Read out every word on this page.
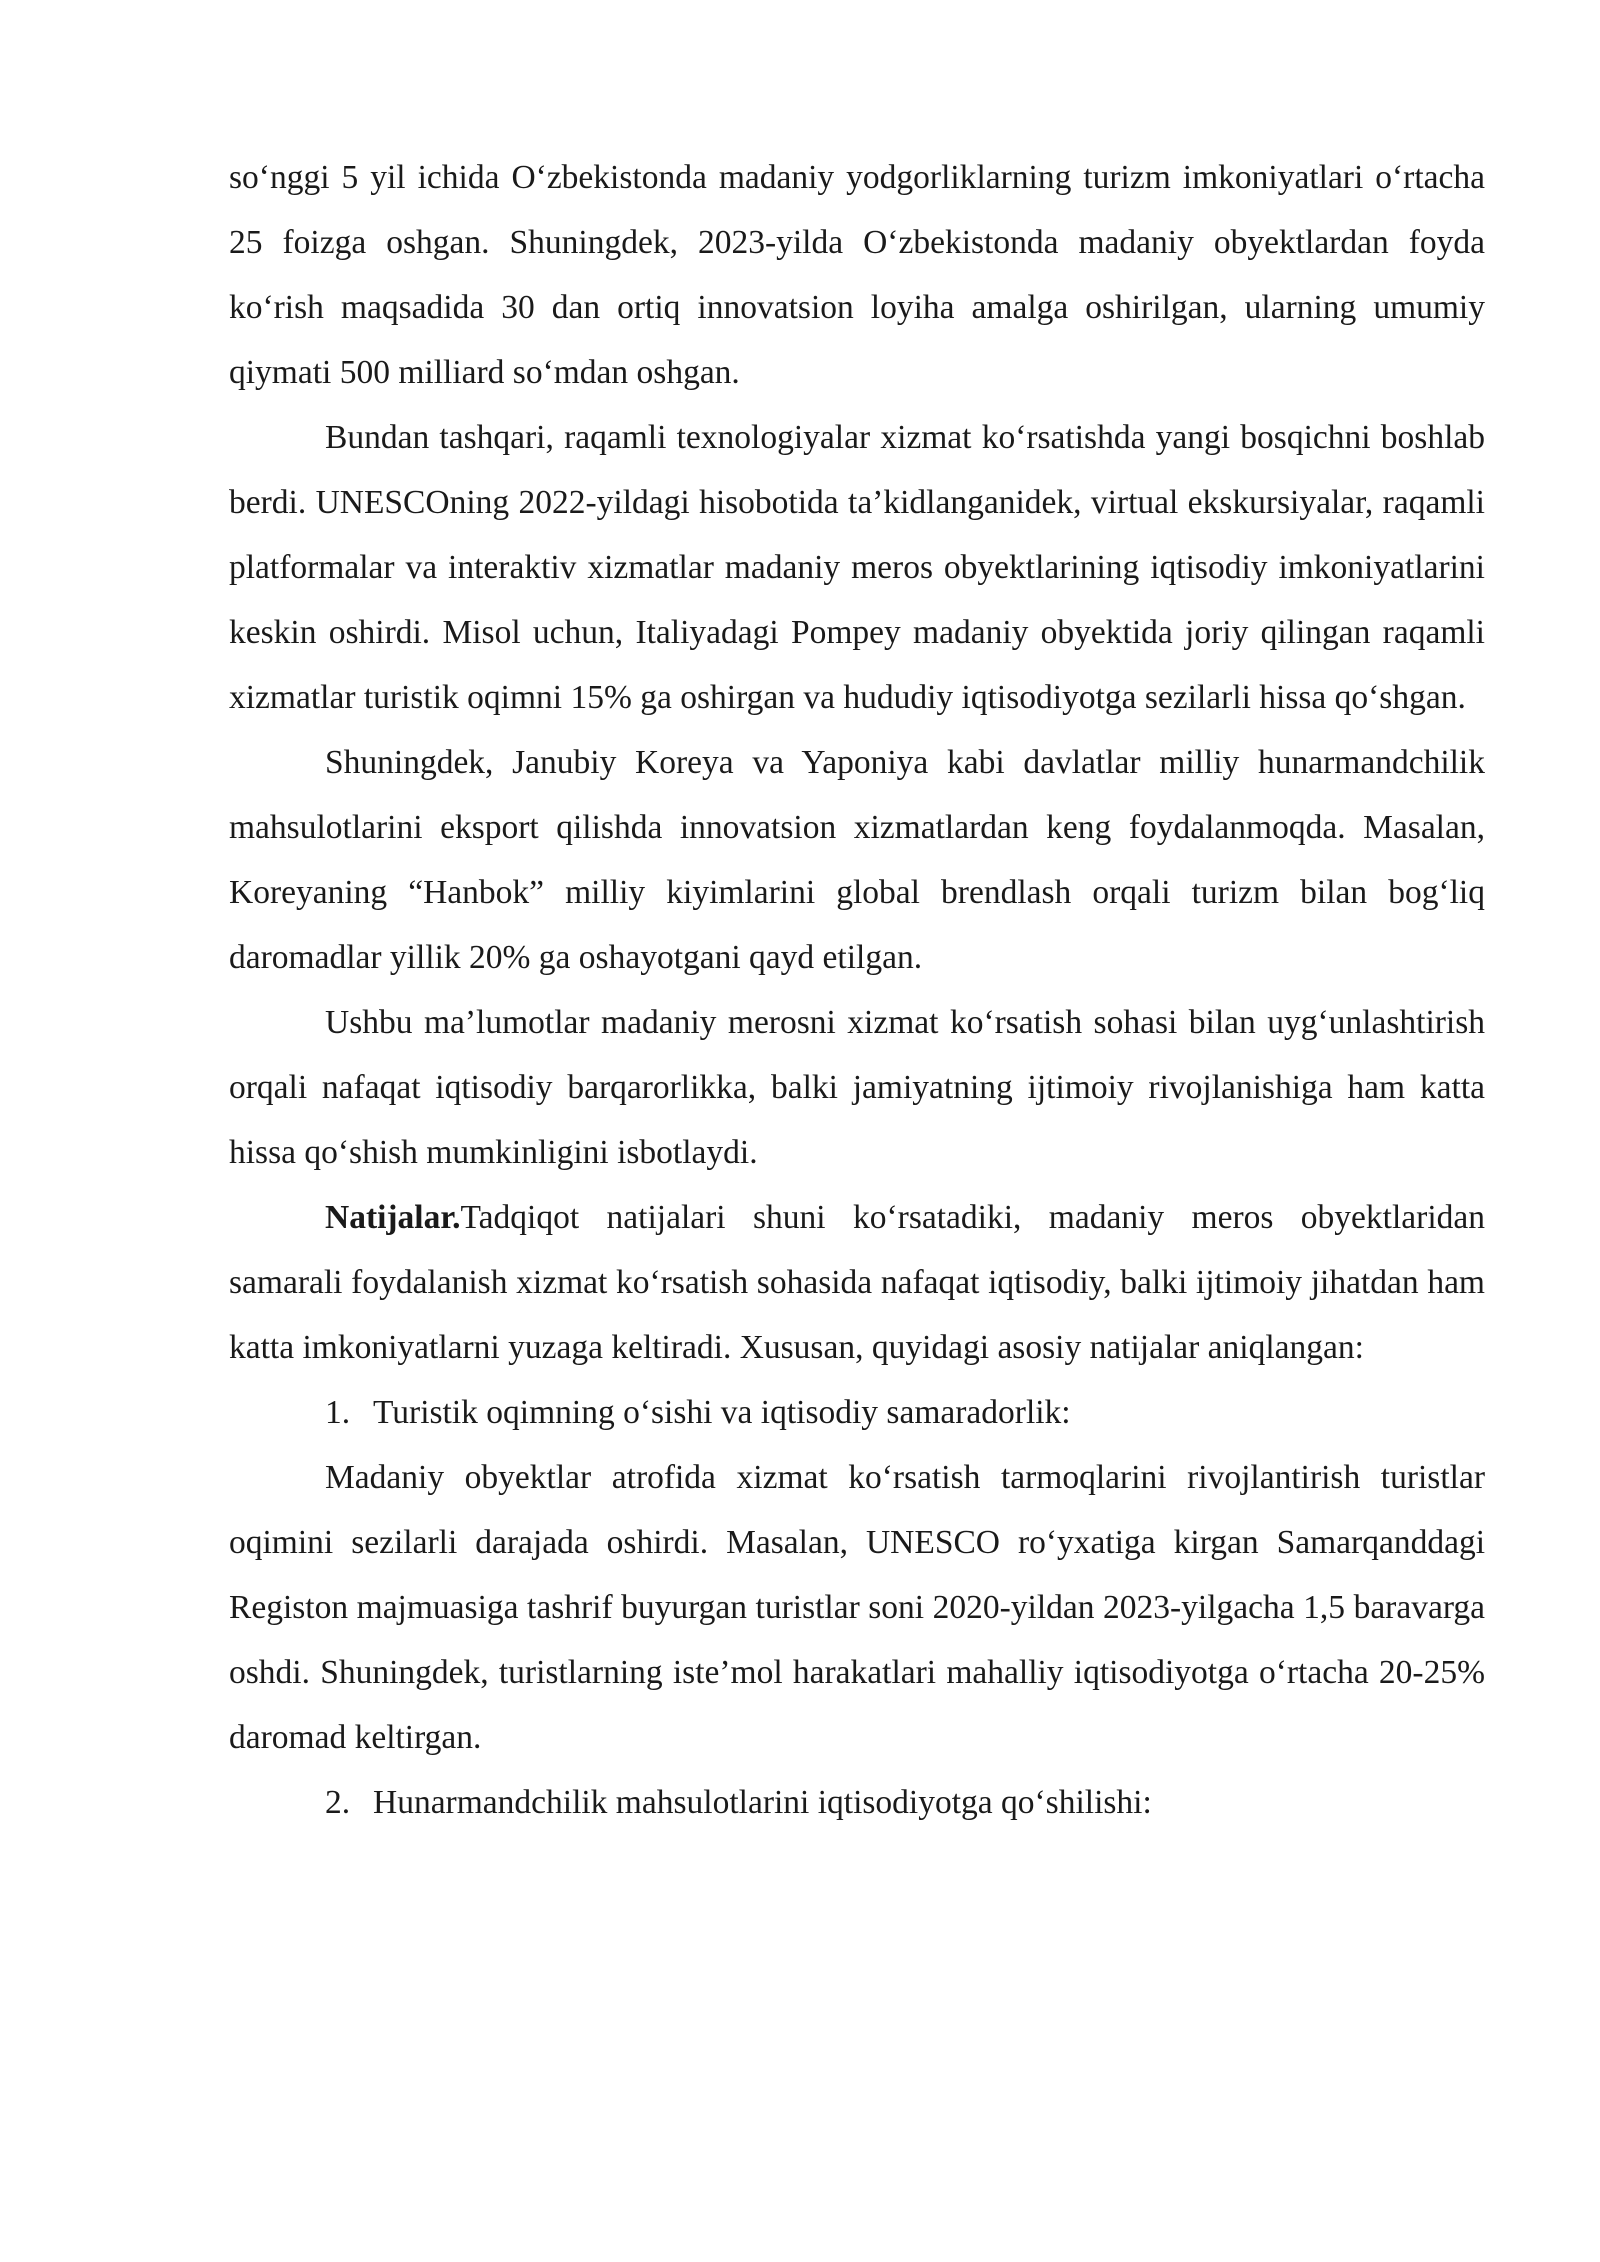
so‘nggi 5 yil ichida O‘zbekistonda madaniy yodgorliklarning turizm imkoniyatlari o‘rtacha 25 foizga oshgan. Shuningdek, 2023-yilda O‘zbekistonda madaniy obyektlardan foyda ko‘rish maqsadida 30 dan ortiq innovatsion loyiha amalga oshirilgan, ularning umumiy qiymati 500 milliard so‘mdan oshgan.

Bundan tashqari, raqamli texnologiyalar xizmat ko‘rsatishda yangi bosqichni boshlab berdi. UNESCOning 2022-yildagi hisobotida ta’kidlanganidek, virtual ekskursiyalar, raqamli platformalar va interaktiv xizmatlar madaniy meros obyektlarining iqtisodiy imkoniyatlarini keskin oshirdi. Misol uchun, Italiyadagi Pompey madaniy obyektida joriy qilingan raqamli xizmatlar turistik oqimni 15% ga oshirgan va hududiy iqtisodiyotga sezilarli hissa qo‘shgan.

Shuningdek, Janubiy Koreya va Yaponiya kabi davlatlar milliy hunarmandchilik mahsulotlarini eksport qilishda innovatsion xizmatlardan keng foydalanmoqda. Masalan, Koreyaning “Hanbok” milliy kiyimlarini global brendlash orqali turizm bilan bog‘liq daromadlar yillik 20% ga oshayotgani qayd etilgan.

Ushbu ma’lumotlar madaniy merosni xizmat ko‘rsatish sohasi bilan uyg‘unlashtirish orqali nafaqat iqtisodiy barqarorlikka, balki jamiyatning ijtimoiy rivojlanishiga ham katta hissa qo‘shish mumkinligini isbotlaydi.

Natijalar.Tadqiqot natijalari shuni ko‘rsatadiki, madaniy meros obyektlaridan samarali foydalanish xizmat ko‘rsatish sohasida nafaqat iqtisodiy, balki ijtimoiy jihatdan ham katta imkoniyatlarni yuzaga keltiradi. Xususan, quyidagi asosiy natijalar aniqlangan:

1. Turistik oqimning o‘sishi va iqtisodiy samaradorlik:

Madaniy obyektlar atrofida xizmat ko‘rsatish tarmoqlarini rivojlantirish turistlar oqimini sezilarli darajada oshirdi. Masalan, UNESCO ro‘yxatiga kirgan Samarqanddagi Registon majmuasiga tashrif buyurgan turistlar soni 2020-yildan 2023-yilgacha 1,5 baravarga oshdi. Shuningdek, turistlarning iste’mol harakatlari mahalliy iqtisodiyotga o‘rtacha 20-25% daromad keltirgan.

2. Hunarmandchilik mahsulotlarini iqtisodiyotga qo‘shilishi:
